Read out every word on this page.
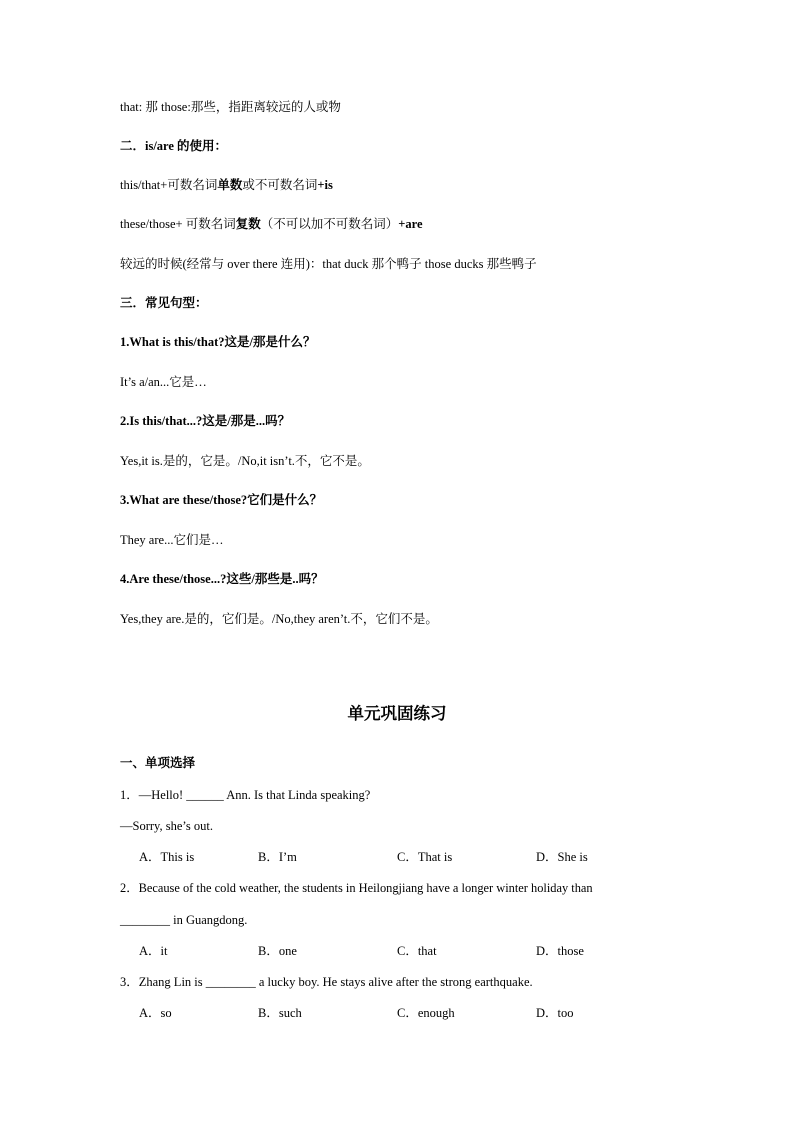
that: 那 those:那些，指距离较远的人或物
二．is/are 的使用：
this/that+可数名词单数或不可数名词+is
these/those+ 可数名词复数（不可以加不可数名词）+are
较远的时候(经常与 over there 连用)：that duck 那个鸭子 those ducks 那些鸭子
三．常见句型：
1.What is this/that?这是/那是什么？
It’s a/an...它是…
2.Is this/that...?这是/那是...吗？
Yes,it is.是的，它是。/No,it isn’t.不，它不是。
3.What are these/those?它们是什么？
They are...它们是…
4.Are these/those...?这些/那些是..吗？
Yes,they are.是的，它们是。/No,they aren’t.不，它们不是。
单元巩固练习
一、单项选择
1．—Hello! ______ Ann. Is that Linda speaking?
—Sorry, she’s out.
A．This is	B．I’m	C．That is	D．She is
2．Because of the cold weather, the students in Heilongjiang have a longer winter holiday than
________ in Guangdong.
A．it	B．one	C．that	D．those
3．Zhang Lin is ________ a lucky boy. He stays alive after the strong earthquake.
A．so	B．such	C．enough	D．too
